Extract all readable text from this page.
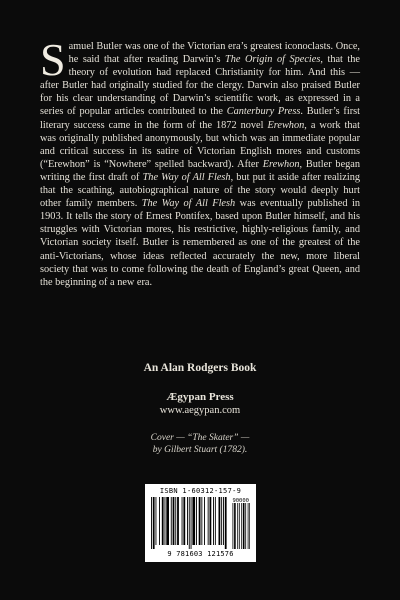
Samuel Butler was one of the Victorian era’s greatest iconoclasts. Once, he said that after reading Darwin’s The Origin of Species, that the theory of evolution had replaced Christianity for him. And this — after Butler had originally studied for the clergy. Darwin also praised Butler for his clear understanding of Darwin’s scientific work, as expressed in a series of popular articles contributed to the Canterbury Press. Butler’s first literary success came in the form of the 1872 novel Erewhon, a work that was originally published anonymously, but which was an immediate popular and critical success in its satire of Victorian English mores and customs (“Erewhon” is “Nowhere” spelled backward). After Erewhon, Butler began writing the first draft of The Way of All Flesh, but put it aside after realizing that the scathing, autobiographical nature of the story would deeply hurt other family members. The Way of All Flesh was eventually published in 1903. It tells the story of Ernest Pontifex, based upon Butler himself, and his struggles with Victorian mores, his restrictive, highly-religious family, and Victorian society itself. Butler is remembered as one of the greatest of the anti-Victorians, whose ideas reflected accurately the new, more liberal society that was to come following the death of England’s great Queen, and the beginning of a new era.

An Alan Rodgers Book
Ægypan Press
www.aegypan.com
Cover — “The Skater” —
by Gilbert Stuart (1782).
ISBN 1-60312-157-9
90000
9 781603 121576
